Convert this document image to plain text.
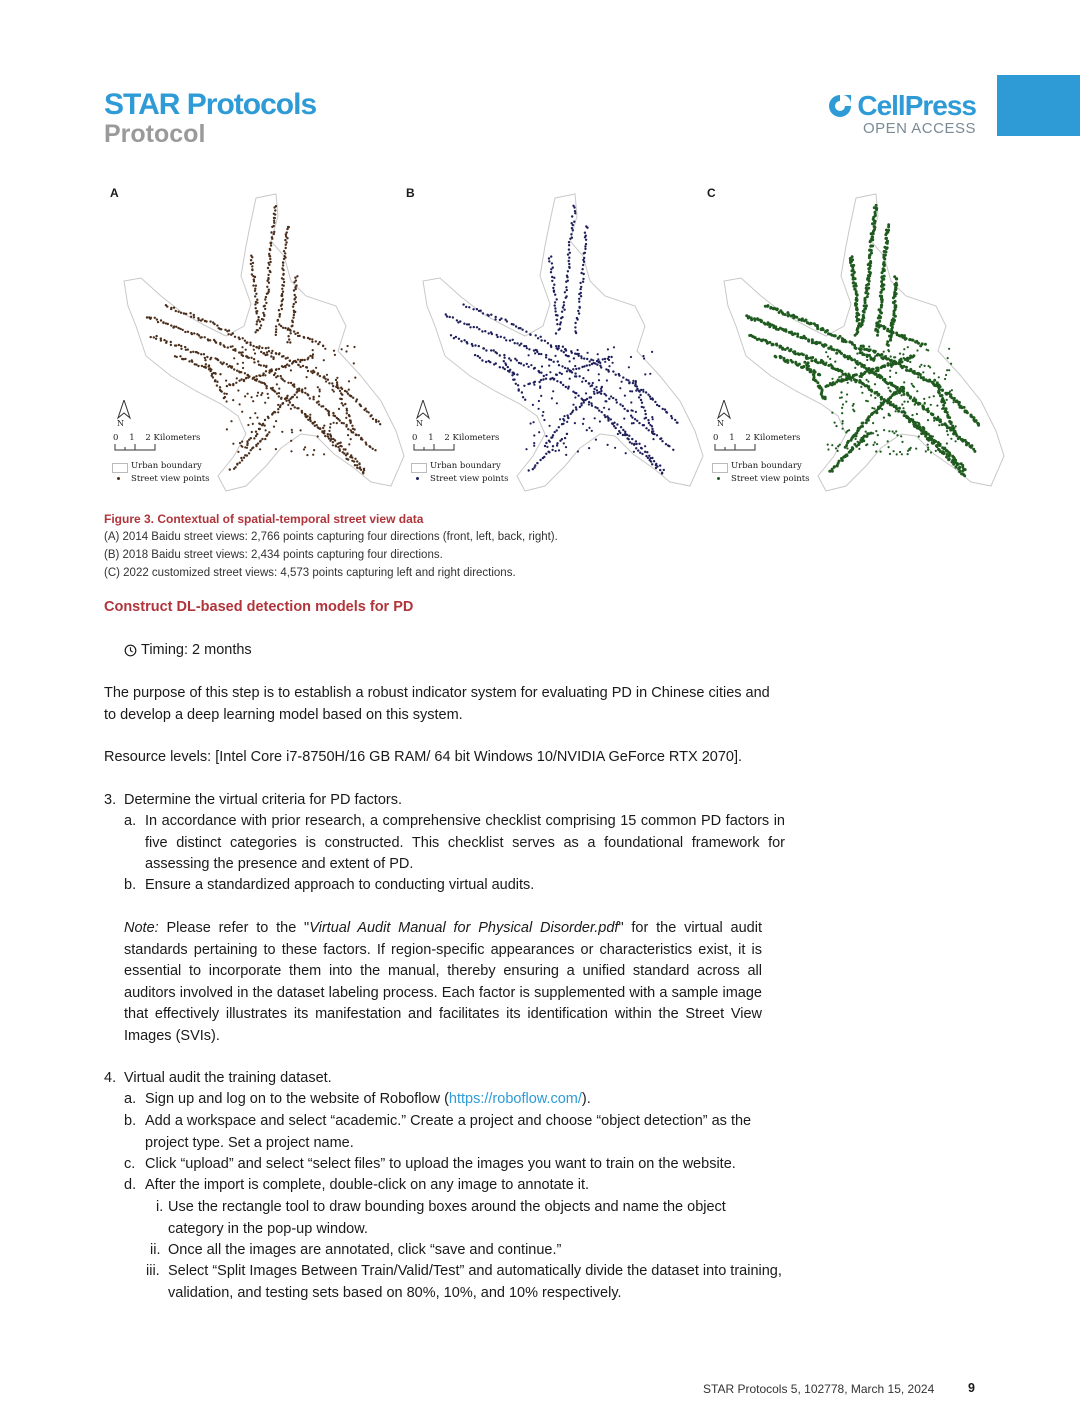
STAR Protocols
Protocol
CellPress
OPEN ACCESS
A	B	C
N
0    1    2 Kilometers
Urban boundary
Street view points
N
0    1    2 Kilometers
Urban boundary
Street view points
N
0    1    2 Kilometers
Urban boundary
Street view points
Figure 3. Contextual of spatial-temporal street view data
(A) 2014 Baidu street views: 2,766 points capturing four directions (front, left, back, right).
(B) 2018 Baidu street views: 2,434 points capturing four directions.
(C) 2022 customized street views: 4,573 points capturing left and right directions.
Construct DL-based detection models for PD
Timing: 2 months
The purpose of this step is to establish a robust indicator system for evaluating PD in Chinese cities and to develop a deep learning model based on this system.
Resource levels: [Intel Core i7-8750H/16 GB RAM/ 64 bit Windows 10/NVIDIA GeForce RTX 2070].
3. Determine the virtual criteria for PD factors.
a. In accordance with prior research, a comprehensive checklist comprising 15 common PD factors in five distinct categories is constructed. This checklist serves as a foundational framework for assessing the presence and extent of PD.
b. Ensure a standardized approach to conducting virtual audits.
Note: Please refer to the "Virtual Audit Manual for Physical Disorder.pdf" for the virtual audit standards pertaining to these factors. If region-specific appearances or characteristics exist, it is essential to incorporate them into the manual, thereby ensuring a unified standard across all auditors involved in the dataset labeling process. Each factor is supplemented with a sample image that effectively illustrates its manifestation and facilitates its identification within the Street View Images (SVIs).
4. Virtual audit the training dataset.
a. Sign up and log on to the website of Roboflow (https://roboflow.com/).
b. Add a workspace and select “academic.” Create a project and choose “object detection” as the project type. Set a project name.
c. Click “upload” and select “select files” to upload the images you want to train on the website.
d. After the import is complete, double-click on any image to annotate it.
i. Use the rectangle tool to draw bounding boxes around the objects and name the object category in the pop-up window.
ii. Once all the images are annotated, click “save and continue.”
iii. Select “Split Images Between Train/Valid/Test” and automatically divide the dataset into training, validation, and testing sets based on 80%, 10%, and 10% respectively.
STAR Protocols 5, 102778, March 15, 2024	9
